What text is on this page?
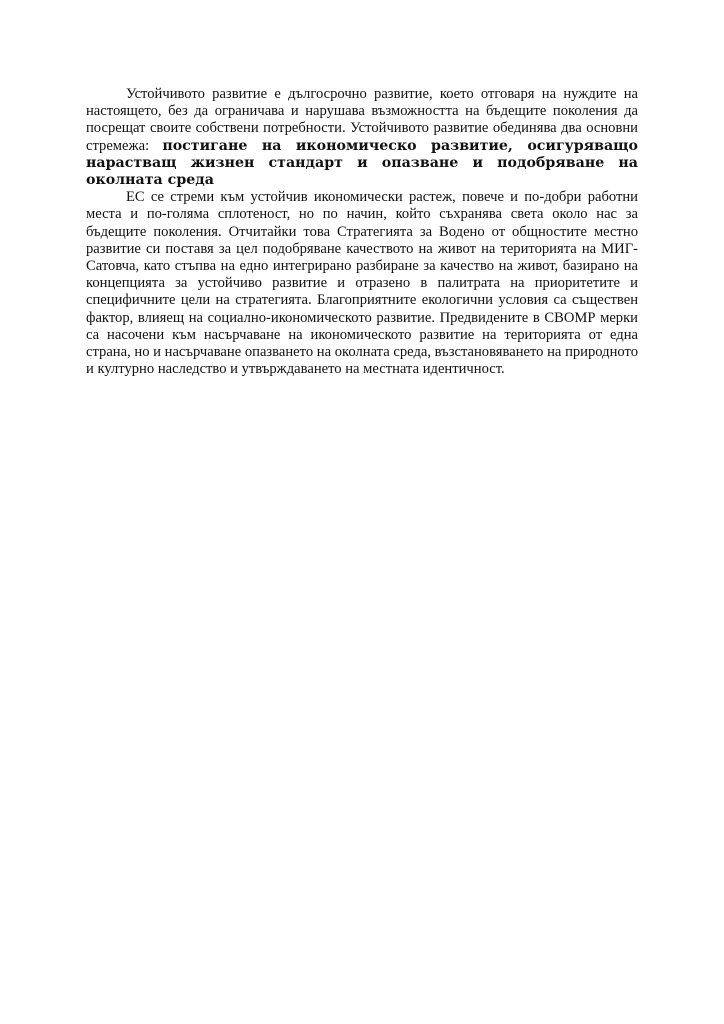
Устойчивото развитие е дългосрочно развитие, което отговаря на нуждите на настоящето, без да ограничава и нарушава възможността на бъдещите поколения да посрещат своите собствени потребности. Устойчивото развитие обединява два основни стремежа: постигане на икономическо развитие, осигуряващо нарастващ жизнен стандарт и опазване и подобряване на околната среда

ЕС се стреми към устойчив икономически растеж, повече и по-добри работни места и по-голяма сплотеност, но по начин, който съхранява света около нас за бъдещите поколения. Отчитайки това Стратегията за Водено от общностите местно развитие си поставя за цел подобряване качеството на живот на територията на МИГ- Сатовча, като стъпва на едно интегрирано разбиране за качество на живот, базирано на концепцията за устойчиво развитие и отразено в палитрата на приоритетите и специфичните цели на стратегията. Благоприятните екологични условия са съществен фактор, влияещ на социално-икономическото развитие. Предвидените в СВОМР мерки са насочени към насърчаване на икономическото развитие на територията от една страна, но и насърчаване опазването на околната среда, възстановяването на природното и културно наследство и утвърждаването на местната идентичност.
